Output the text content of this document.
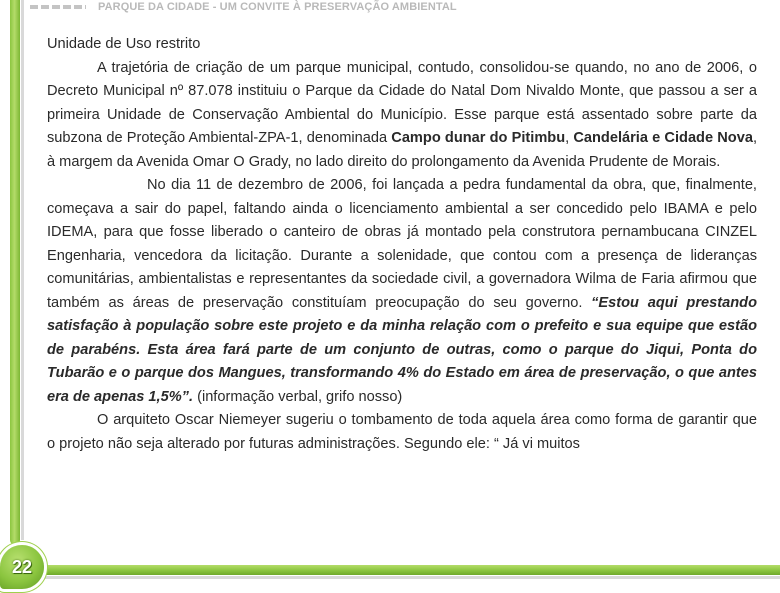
PARQUE DA CIDADE - UM CONVITE À PRESERVAÇÃO AMBIENTAL

Unidade de Uso restrito

A trajetória de criação de um parque municipal, contudo, consolidou-se quando, no ano de 2006, o Decreto Municipal nº 87.078 instituiu o Parque da Cidade do Natal Dom Nivaldo Monte, que passou a ser a primeira Unidade de Conservação Ambiental do Município. Esse parque está assentado sobre parte da subzona de Proteção Ambiental-ZPA-1, denominada Campo dunar do Pitimbu, Candelária e Cidade Nova, à margem da Avenida Omar O Grady, no lado direito do prolongamento da Avenida Prudente de Morais.

No dia 11 de dezembro de 2006, foi lançada a pedra fundamental da obra, que, finalmente, começava a sair do papel, faltando ainda o licenciamento ambiental a ser concedido pelo IBAMA e pelo IDEMA, para que fosse liberado o canteiro de obras já montado pela construtora pernambucana CINZEL Engenharia, vencedora da licitação. Durante a solenidade, que contou com a presença de lideranças comunitárias, ambientalistas e representantes da sociedade civil, a governadora Wilma de Faria afirmou que também as áreas de preservação constituíam preocupação do seu governo. “Estou aqui prestando satisfação à população sobre este projeto e da minha relação com o prefeito e sua equipe que estão de parabéns. Esta área fará parte de um conjunto de outras, como o parque do Jiqui, Ponta do Tubarão e o parque dos Mangues, transformando 4% do Estado em área de preservação, o que antes era de apenas 1,5%”. (informação verbal, grifo nosso)

O arquiteto Oscar Niemeyer sugeriu o tombamento de toda aquela área como forma de garantir que o projeto não seja alterado por futuras administrações. Segundo ele: “ Já vi muitos

22
